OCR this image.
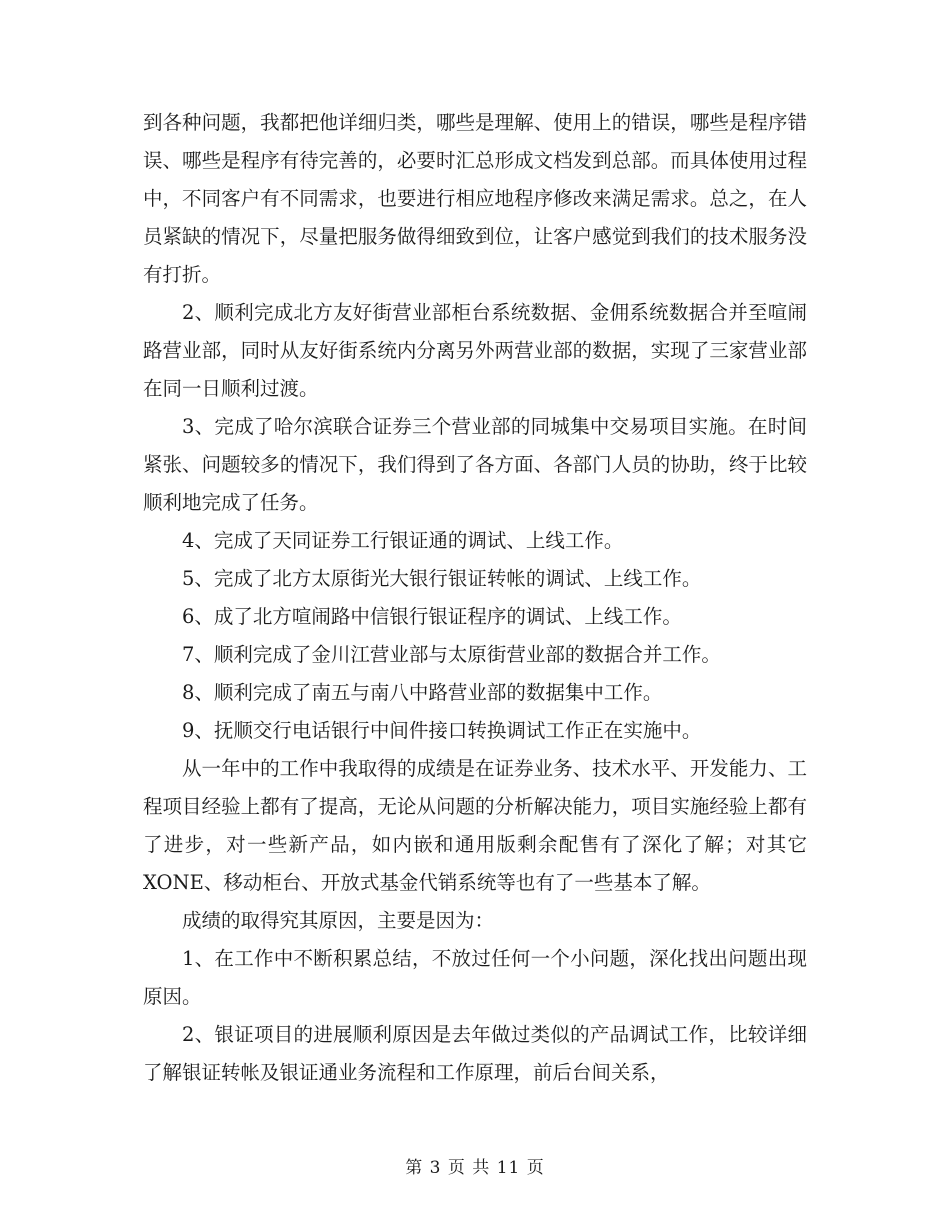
到各种问题，我都把他详细归类，哪些是理解、使用上的错误，哪些是程序错误、哪些是程序有待完善的，必要时汇总形成文档发到总部。而具体使用过程中，不同客户有不同需求，也要进行相应地程序修改来满足需求。总之，在人员紧缺的情况下，尽量把服务做得细致到位，让客户感觉到我们的技术服务没有打折。

2、顺利完成北方友好街营业部柜台系统数据、金佣系统数据合并至喧闹路营业部，同时从友好街系统内分离另外两营业部的数据，实现了三家营业部在同一日顺利过渡。

3、完成了哈尔滨联合证券三个营业部的同城集中交易项目实施。在时间紧张、问题较多的情况下，我们得到了各方面、各部门人员的协助，终于比较顺利地完成了任务。

4、完成了天同证券工行银证通的调试、上线工作。

5、完成了北方太原街光大银行银证转帐的调试、上线工作。

6、成了北方喧闹路中信银行银证程序的调试、上线工作。

7、顺利完成了金川江营业部与太原街营业部的数据合并工作。

8、顺利完成了南五与南八中路营业部的数据集中工作。

9、抚顺交行电话银行中间件接口转换调试工作正在实施中。

从一年中的工作中我取得的成绩是在证券业务、技术水平、开发能力、工程项目经验上都有了提高，无论从问题的分析解决能力，项目实施经验上都有了进步，对一些新产品，如内嵌和通用版剩余配售有了深化了解；对其它XONE、移动柜台、开放式基金代销系统等也有了一些基本了解。

成绩的取得究其原因，主要是因为：

1、在工作中不断积累总结，不放过任何一个小问题，深化找出问题出现原因。

2、银证项目的进展顺利原因是去年做过类似的产品调试工作，比较详细了解银证转帐及银证通业务流程和工作原理，前后台间关系，

第 3 页 共 11 页
